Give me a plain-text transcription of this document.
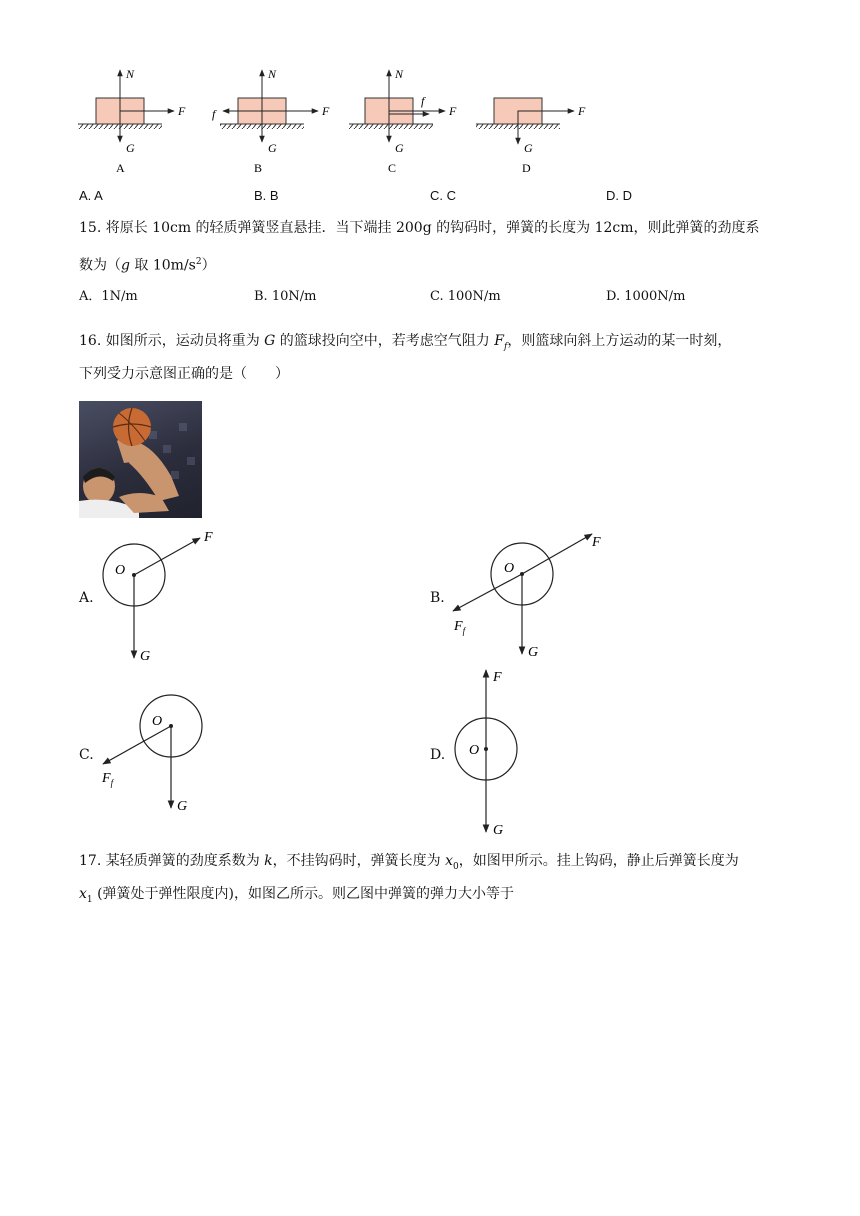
N
F
G
A
N
f	F
G
B
N
f
F
G
C
F
G
D
A. A	B. B	C. C	D. D
15. 将原长 10cm 的轻质弹簧竖直悬挂．当下端挂 200g 的钩码时，弹簧的长度为 12cm，则此弹簧的劲度系
数为（g 取 $10m/s^2$）
A．1N/m	B. 10N/m	C. 100N/m	D. 1000N/m
16. 如图所示，运动员将重为 G 的篮球投向空中，若考虑空气阻力 $F_f$，则篮球向斜上方运动的某一时刻，
下列受力示意图正确的是（　　）
A.
O
F
G
B.
O
F
$F_f$
G
C.
O
$F_f$
G
D. O
F
G
17. 某轻质弹簧的劲度系数为 k，不挂钩码时，弹簧长度为 $x_0$，如图甲所示。挂上钩码，静止后弹簧长度为
$x_1$ (弹簧处于弹性限度内)，如图乙所示。则乙图中弹簧的弹力大小等于
